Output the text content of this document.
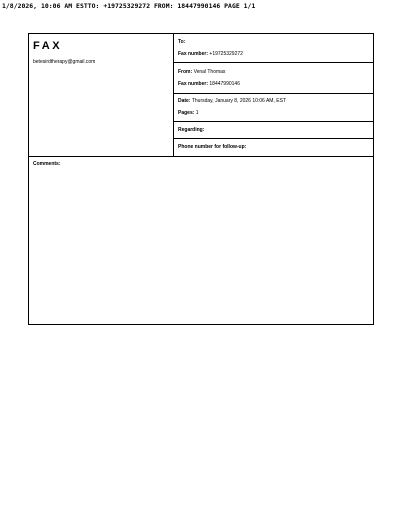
1/8/2026, 10:06 AM ESTTO: +19725329272 FROM: 18447990146 PAGE 1/1
FAX
betesirdtherapy@gmail.com
To:
Fax number: +19725329272
From: Venal Thomas
Fax number: 18447990146
Date: Thursday, January 8, 2026 10:06 AM, EST
Pages: 1
Regarding:
Phone number for follow-up:
Comments:
